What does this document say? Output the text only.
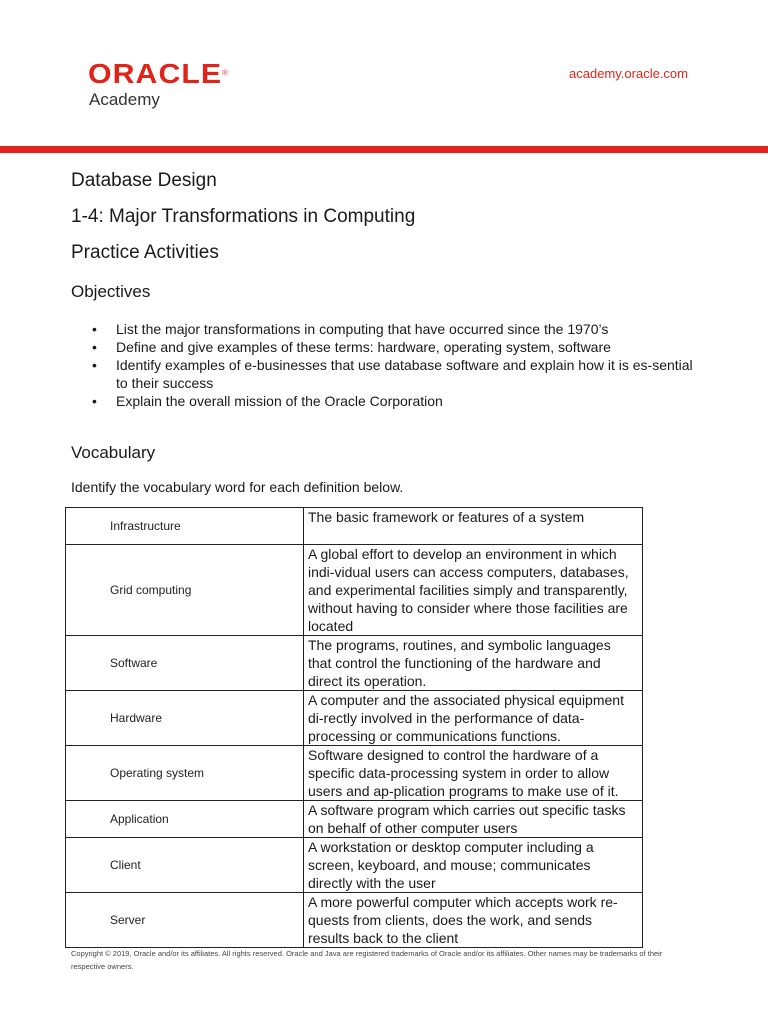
ORACLE®
Academy
academy.oracle.com
Database Design
1-4: Major Transformations in Computing
Practice Activities
Objectives
• List the major transformations in computing that have occurred since the 1970’s
• Define and give examples of these terms: hardware, operating system, software
• Identify examples of e-businesses that use database software and explain how it is es-sential to their success
• Explain the overall mission of the Oracle Corporation
Vocabulary
Identify the vocabulary word for each definition below.
Infrastructure	The basic framework or features of a system
Grid computing	A global effort to develop an environment in which indi-vidual users can access computers, databases, and experimental facilities simply and transparently, without having to consider where those facilities are located
Software	The programs, routines, and symbolic languages that control the functioning of the hardware and direct its operation.
Hardware	A computer and the associated physical equipment di-rectly involved in the performance of data-processing or communications functions.
Operating system	Software designed to control the hardware of a specific data-processing system in order to allow users and ap-plication programs to make use of it.
Application	A software program which carries out specific tasks on behalf of other computer users
Client	A workstation or desktop computer including a screen, keyboard, and mouse; communicates directly with the user
Server	A more powerful computer which accepts work re-quests from clients, does the work, and sends results back to the client
Copyright © 2019, Oracle and/or its affiliates. All rights reserved. Oracle and Java are registered trademarks of Oracle and/or its affiliates. Other names may be trademarks of their respective owners.
